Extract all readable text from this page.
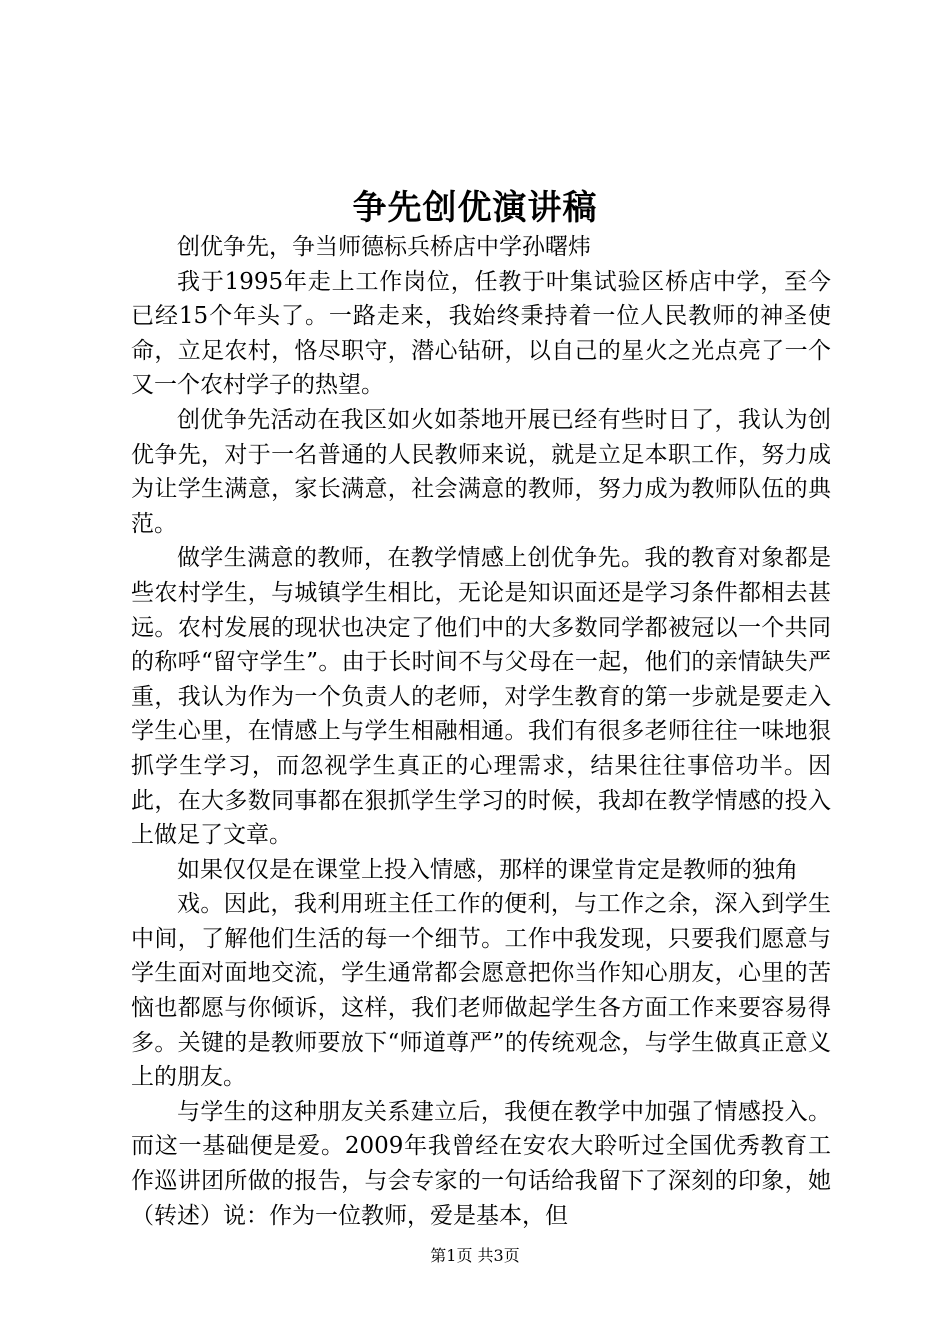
争先创优演讲稿

创优争先，争当师德标兵桥店中学孙曙炜

我于1995年走上工作岗位，任教于叶集试验区桥店中学，至今已经15个年头了。一路走来，我始终秉持着一位人民教师的神圣使命，立足农村，恪尽职守，潜心钻研，以自己的星火之光点亮了一个又一个农村学子的热望。

创优争先活动在我区如火如荼地开展已经有些时日了，我认为创优争先，对于一名普通的人民教师来说，就是立足本职工作，努力成为让学生满意，家长满意，社会满意的教师，努力成为教师队伍的典范。

做学生满意的教师，在教学情感上创优争先。我的教育对象都是些农村学生，与城镇学生相比，无论是知识面还是学习条件都相去甚远。农村发展的现状也决定了他们中的大多数同学都被冠以一个共同的称呼“留守学生”。由于长时间不与父母在一起，他们的亲情缺失严重，我认为作为一个负责人的老师，对学生教育的第一步就是要走入学生心里，在情感上与学生相融相通。我们有很多老师往往一味地狠抓学生学习，而忽视学生真正的心理需求，结果往往事倍功半。因此，在大多数同事都在狠抓学生学习的时候，我却在教学情感的投入上做足了文章。

如果仅仅是在课堂上投入情感，那样的课堂肯定是教师的独角

戏。因此，我利用班主任工作的便利，与工作之余，深入到学生中间，了解他们生活的每一个细节。工作中我发现，只要我们愿意与学生面对面地交流，学生通常都会愿意把你当作知心朋友，心里的苦恼也都愿与你倾诉，这样，我们老师做起学生各方面工作来要容易得多。关键的是教师要放下“师道尊严”的传统观念，与学生做真正意义上的朋友。

与学生的这种朋友关系建立后，我便在教学中加强了情感投入。而这一基础便是爱。2009年我曾经在安农大聆听过全国优秀教育工作巡讲团所做的报告，与会专家的一句话给我留下了深刻的印象，她（转述）说：作为一位教师，爱是基本，但

第1页 共3页
